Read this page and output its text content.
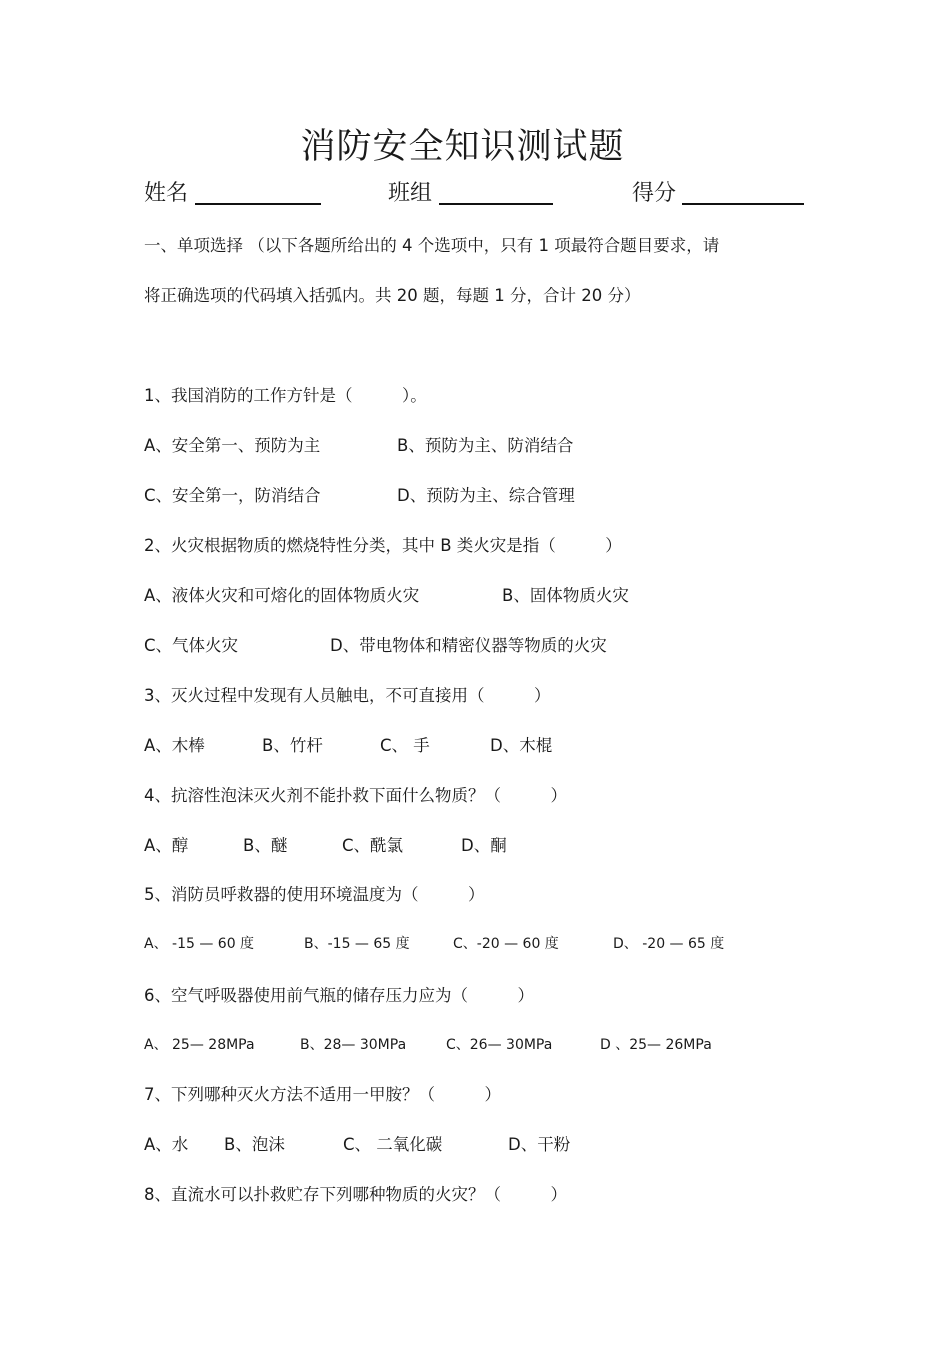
消防安全知识测试题
姓名	班组	得分
一、单项选择 （以下各题所给出的 4 个选项中，只有 1 项最符合题目要求，请
将正确选项的代码填入括弧内。共 20 题，每题 1 分，合计 20 分）
1、我国消防的工作方针是（　　　）。
A、安全第一、预防为主	B、预防为主、防消结合
C、安全第一，防消结合	D、预防为主、综合管理
2、火灾根据物质的燃烧特性分类，其中 B 类火灾是指（　　　）
A、液体火灾和可熔化的固体物质火灾	B、固体物质火灾
C、气体火灾	D、带电物体和精密仪器等物质的火灾
3、灭火过程中发现有人员触电，不可直接用（　　　）
A、木棒	B、竹杆	C、 手	D、木棍
4、抗溶性泡沫灭火剂不能扑救下面什么物质？（　　　）
A、醇	B、醚	C、酰氯	D、酮
5、消防员呼救器的使用环境温度为（　　　）
A、 -15 — 60 度	B、-15 — 65 度	C、-20 — 60 度	D、 -20 — 65 度
6、空气呼吸器使用前气瓶的储存压力应为（　　　）
A、 25— 28MPa	B、28— 30MPa	C、26— 30MPa	D 、25— 26MPa
7、下列哪种灭火方法不适用一甲胺？（　　　）
A、水 B、泡沫	C、 二氧化碳	D、干粉
8、直流水可以扑救贮存下列哪种物质的火灾？（　　　）
